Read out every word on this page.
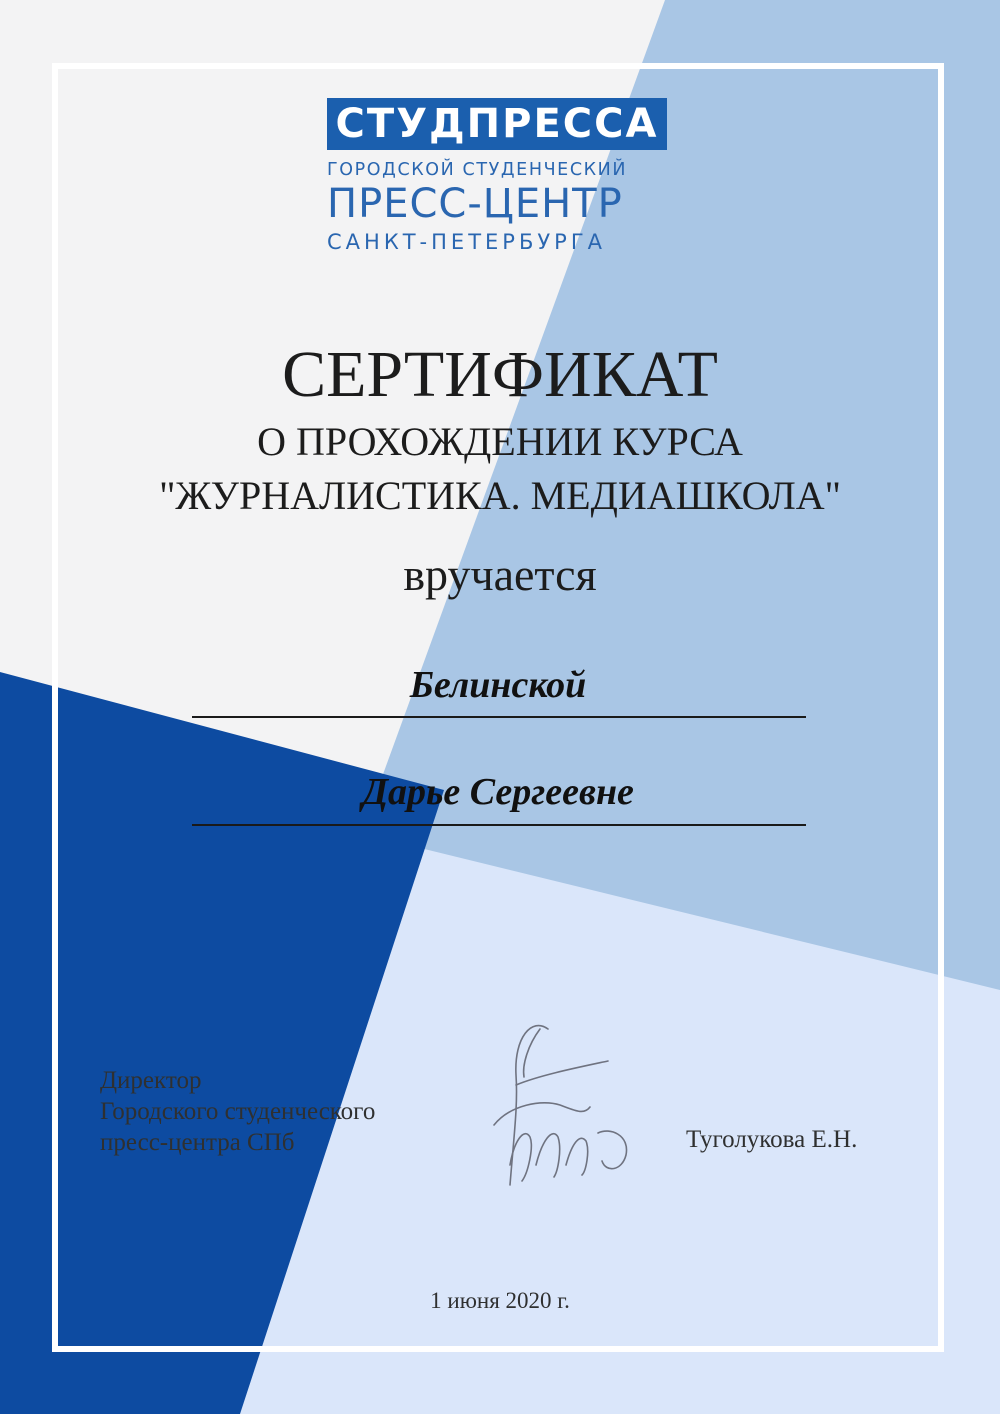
СТУДПРЕССА
ГОРОДСКОЙ СТУДЕНЧЕСКИЙ
ПРЕСС-ЦЕНТР
САНКТ-ПЕТЕРБУРГА
СЕРТИФИКАТ
О ПРОХОЖДЕНИИ КУРСА
"ЖУРНАЛИСТИКА. МЕДИАШКОЛА"
вручается
Белинской
Дарье Сергеевне
Директор
Городского студенческого
пресс-центра СПб	Туголукова Е.Н.
1 июня 2020 г.
